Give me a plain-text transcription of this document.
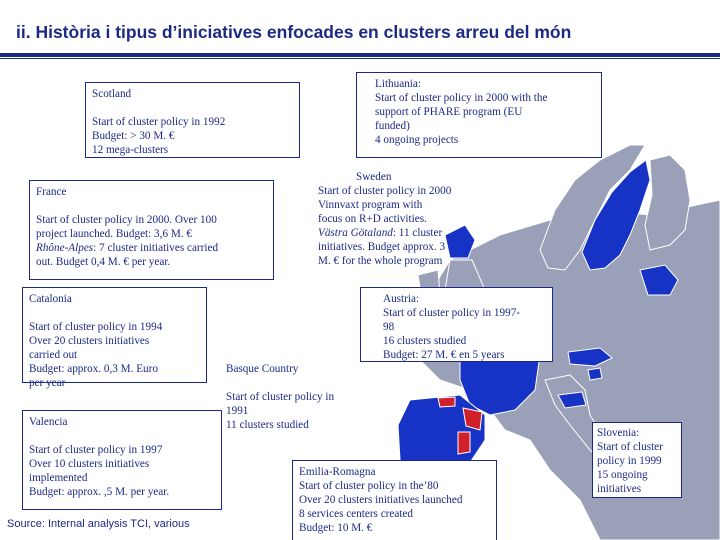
ii. Història i tipus d’iniciatives enfocades en clusters arreu del món
Scotland
Start of cluster policy in 1992
Budget: > 30 M. €
12 mega-clusters
Lithuania:
Start of cluster policy in 2000 with the
support of PHARE program (EU
funded)
4 ongoing projects
France
Start of cluster policy in 2000. Over 100
project launched. Budget: 3,6 M. €
Rhône-Alpes: 7 cluster initiatives carried
out. Budget 0,4 M. € per year.
Sweden
Start of cluster policy in 2000
Vinnvaxt program with
focus on R+D activities.
Västra Götaland: 11 cluster
initiatives. Budget approx. 3
M. € for the whole program
Catalonia
Start of cluster policy in 1994
Over 20 clusters initiatives
carried out
Budget: approx. 0,3 M. Euro
per year
Valencia
Start of cluster policy in 1997
Over 10 clusters initiatives
implemented
Budget: approx. ,5 M. per year.
Austria:
Start of cluster policy in 1997-
98
16 clusters studied
Budget: 27 M. € en 5 years
Basque Country
Start of cluster policy in
1991
11 clusters studied
Emilia-Romagna
Start of cluster policy in the’80
Over 20 clusters initiatives launched
8 services centers created
Budget: 10 M. €
Slovenia:
Start of cluster
policy in 1999
15 ongoing
initiatives
Source: Internal analysis TCI, various
